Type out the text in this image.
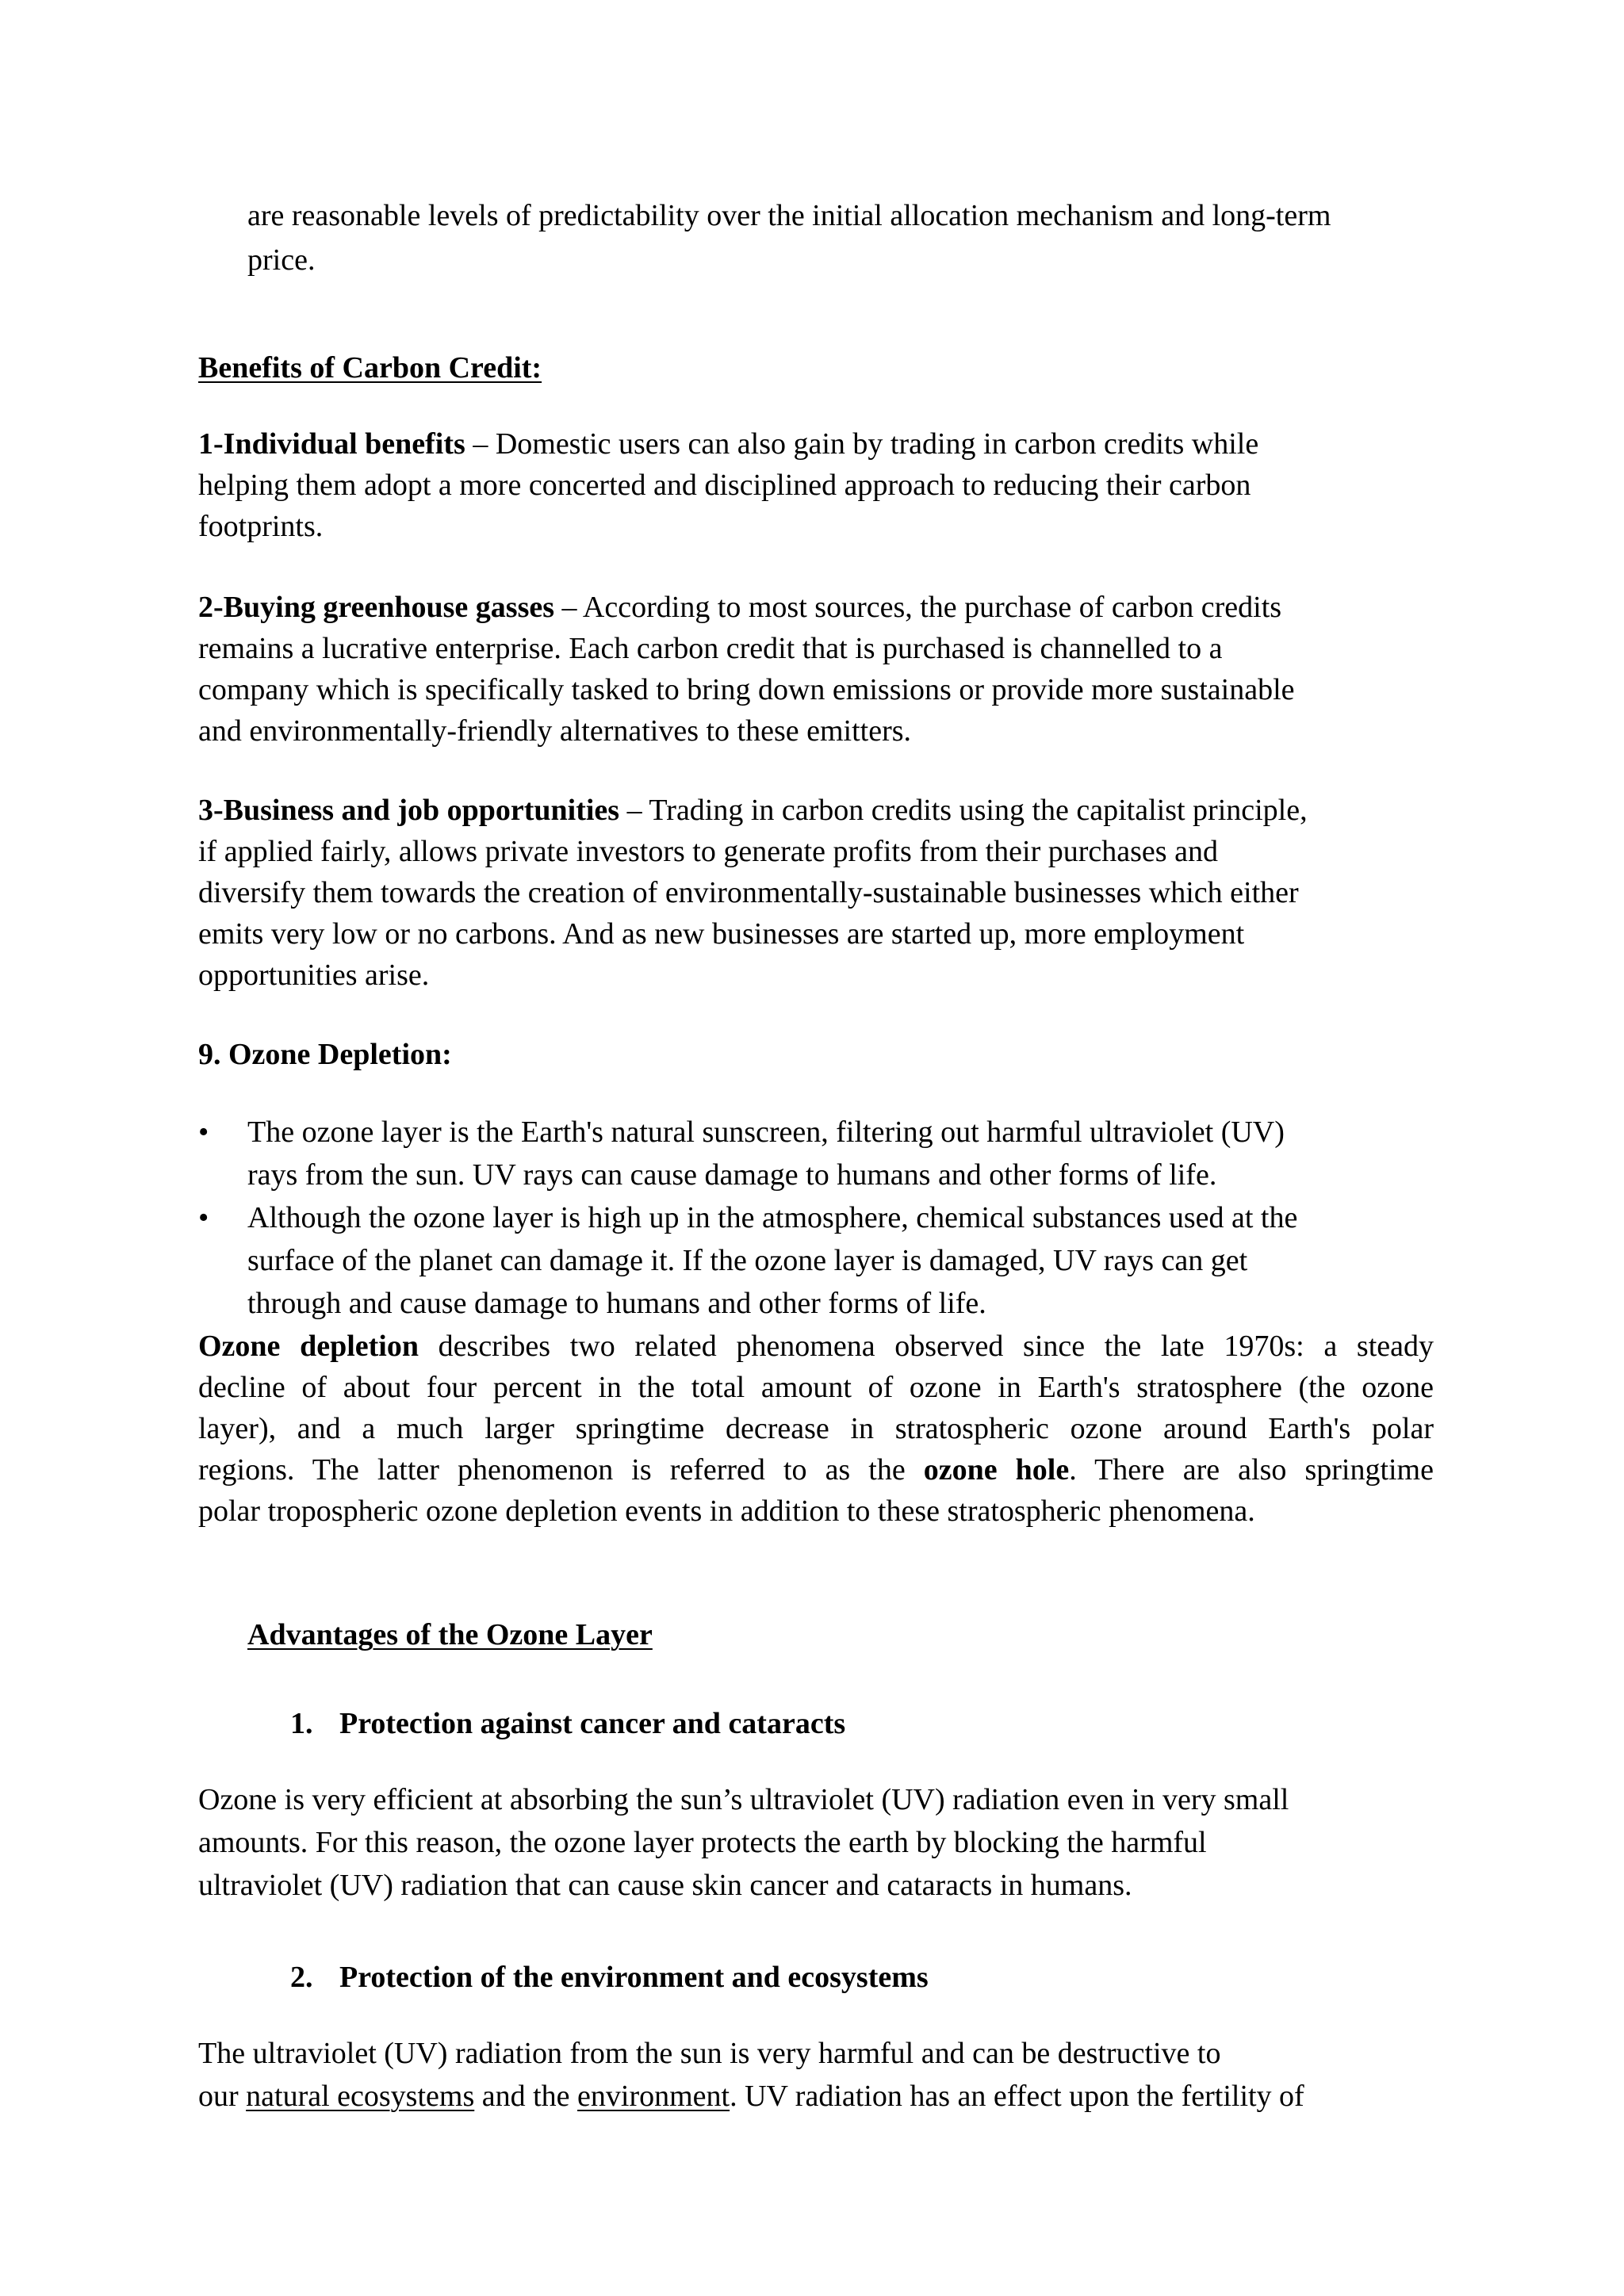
are reasonable levels of predictability over the initial allocation mechanism and long-term
price.
Benefits of Carbon Credit:
1-Individual benefits – Domestic users can also gain by trading in carbon credits while
helping them adopt a more concerted and disciplined approach to reducing their carbon
footprints.
2-Buying greenhouse gasses – According to most sources, the purchase of carbon credits
remains a lucrative enterprise. Each carbon credit that is purchased is channelled to a
company which is specifically tasked to bring down emissions or provide more sustainable
and environmentally-friendly alternatives to these emitters.
3-Business and job opportunities – Trading in carbon credits using the capitalist principle,
if applied fairly, allows private investors to generate profits from their purchases and
diversify them towards the creation of environmentally-sustainable businesses which either
emits very low or no carbons. And as new businesses are started up, more employment
opportunities arise.
9. Ozone Depletion:
• The ozone layer is the Earth's natural sunscreen, filtering out harmful ultraviolet (UV)
rays from the sun. UV rays can cause damage to humans and other forms of life.
• Although the ozone layer is high up in the atmosphere, chemical substances used at the
surface of the planet can damage it. If the ozone layer is damaged, UV rays can get
through and cause damage to humans and other forms of life.
Ozone depletion describes two related phenomena observed since the late 1970s: a steady
decline of about four percent in the total amount of ozone in Earth's stratosphere (the ozone
layer), and a much larger springtime decrease in stratospheric ozone around Earth's polar
regions. The latter phenomenon is referred to as the ozone hole. There are also springtime
polar tropospheric ozone depletion events in addition to these stratospheric phenomena.
Advantages of the Ozone Layer
1. Protection against cancer and cataracts
Ozone is very efficient at absorbing the sun’s ultraviolet (UV) radiation even in very small
amounts. For this reason, the ozone layer protects the earth by blocking the harmful
ultraviolet (UV) radiation that can cause skin cancer and cataracts in humans.
2. Protection of the environment and ecosystems
The ultraviolet (UV) radiation from the sun is very harmful and can be destructive to
our natural ecosystems and the environment. UV radiation has an effect upon the fertility of
